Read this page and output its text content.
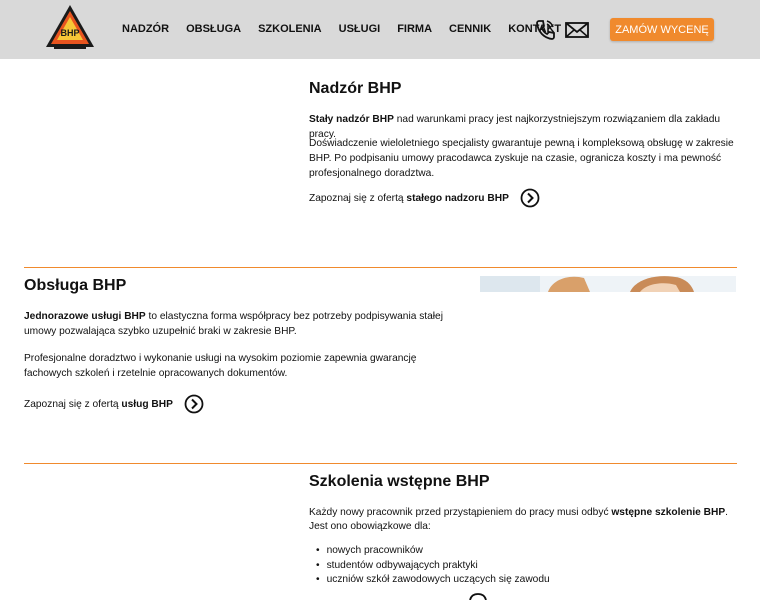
BHP	NADZÓR OBSŁUGA SZKOLENIA USŁUGI FIRMA CENNIK KONTAKT	ZAMÓW WYCENĘ
Nadzór BHP
Stały nadzór BHP nad warunkami pracy jest najkorzystniejszym rozwiązaniem dla zakładu pracy.
Doświadczenie wieloletniego specjalisty gwarantuje pewną i kompleksową obsługę w zakresie BHP. Po podpisaniu umowy pracodawca zyskuje na czasie, ogranicza koszty i ma pewność profesjonalnego doradztwa.
Zapoznaj się z ofertą
stałego nadzoru BHP
Obsługa BHP
Jednorazowe usługi BHP to elastyczna forma współpracy bez potrzeby podpisywania stałej umowy pozwalająca szybko uzupełnić braki w zakresie BHP.
Profesjonalne doradztwo i wykonanie usługi na wysokim poziomie zapewnia gwarancję fachowych szkoleń i rzetelnie opracowanych dokumentów.
Zapoznaj się z ofertą
usług BHP
Szkolenia wstępne BHP
Każdy nowy pracownik przed przystąpieniem do pracy musi odbyć wstępne szkolenie BHP.
Jest ono obowiązkowe dla:
• nowych pracowników
• studentów odbywających praktyki
• uczniów szkół zawodowych uczących się zawodu
